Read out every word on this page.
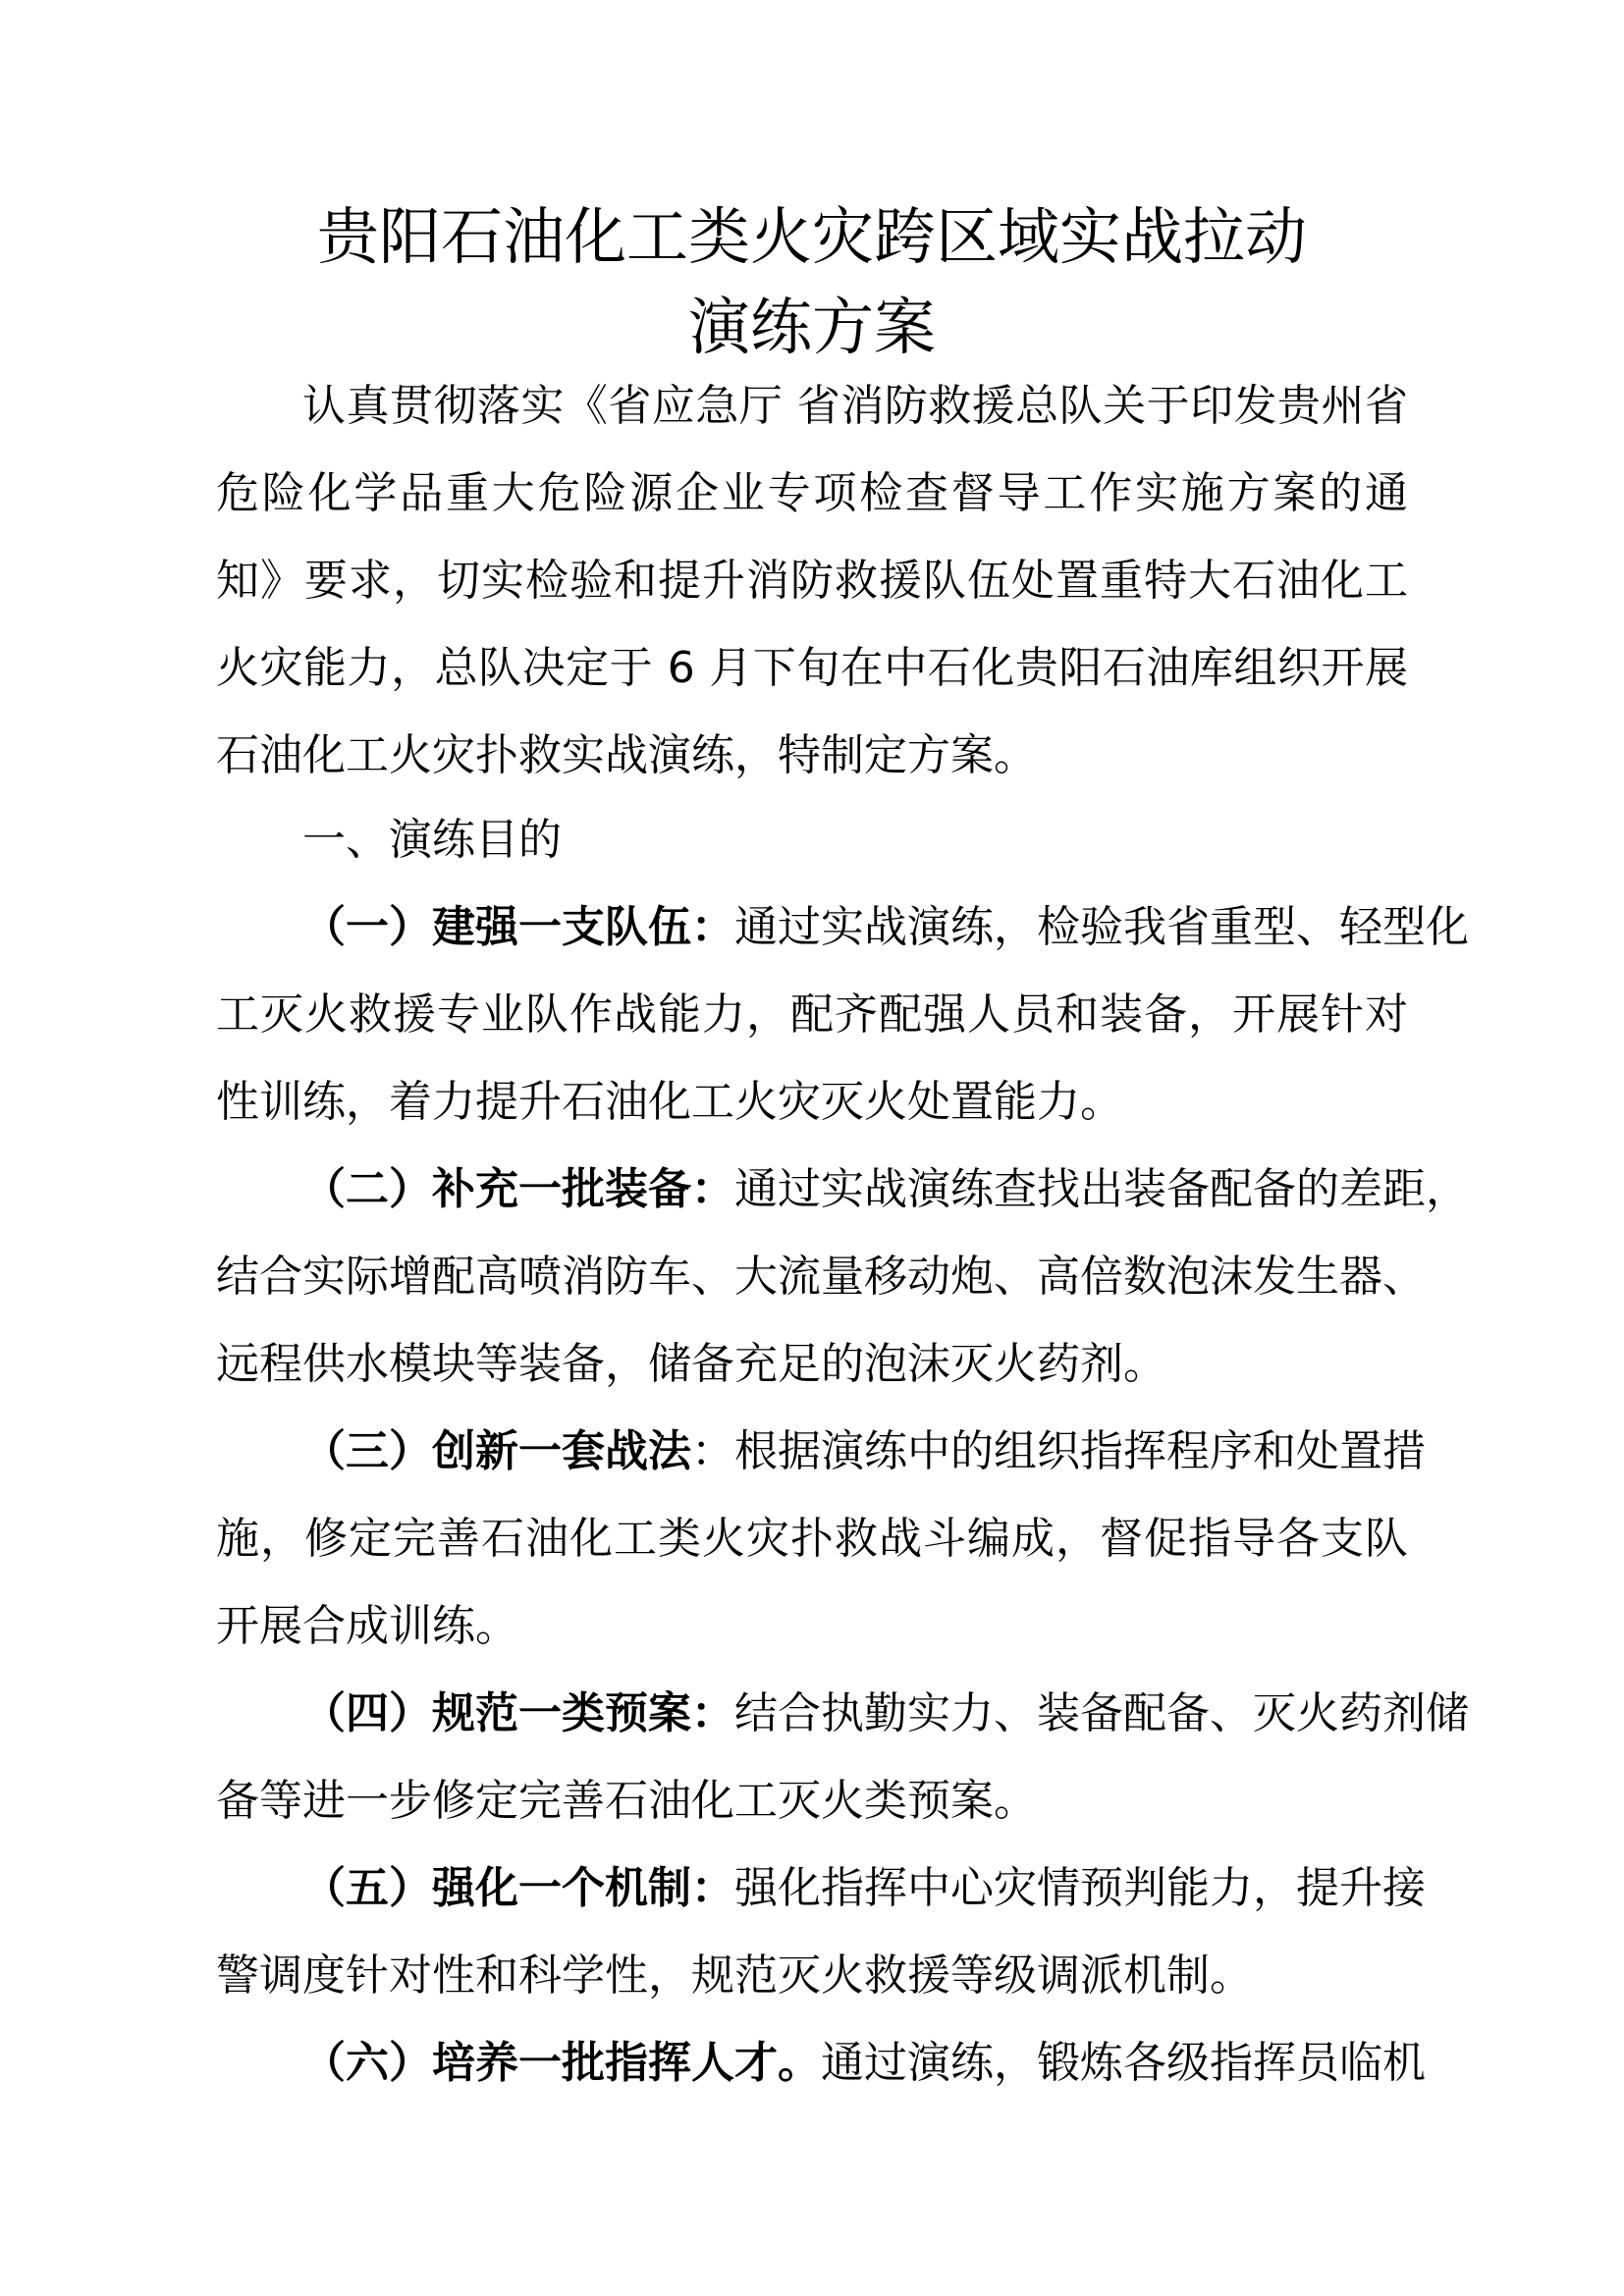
贵阳石油化工类火灾跨区域实战拉动
演练方案
认真贯彻落实《省应急厅 省消防救援总队关于印发贵州省
危险化学品重大危险源企业专项检查督导工作实施方案的通
知》要求，切实检验和提升消防救援队伍处置重特大石油化工
火灾能力，总队决定于 6 月下旬在中石化贵阳石油库组织开展
石油化工火灾扑救实战演练，特制定方案。
一、演练目的
（一）建强一支队伍：通过实战演练，检验我省重型、轻型化
工灭火救援专业队作战能力，配齐配强人员和装备，开展针对
性训练，着力提升石油化工火灾灭火处置能力。
（二）补充一批装备：通过实战演练查找出装备配备的差距，
结合实际增配高喷消防车、大流量移动炮、高倍数泡沫发生器、
远程供水模块等装备，储备充足的泡沫灭火药剂。
（三）创新一套战法：根据演练中的组织指挥程序和处置措
施，修定完善石油化工类火灾扑救战斗编成，督促指导各支队
开展合成训练。
（四）规范一类预案：结合执勤实力、装备配备、灭火药剂储
备等进一步修定完善石油化工灭火类预案。
（五）强化一个机制：强化指挥中心灾情预判能力，提升接
警调度针对性和科学性，规范灭火救援等级调派机制。
（六）培养一批指挥人才。通过演练，锻炼各级指挥员临机
